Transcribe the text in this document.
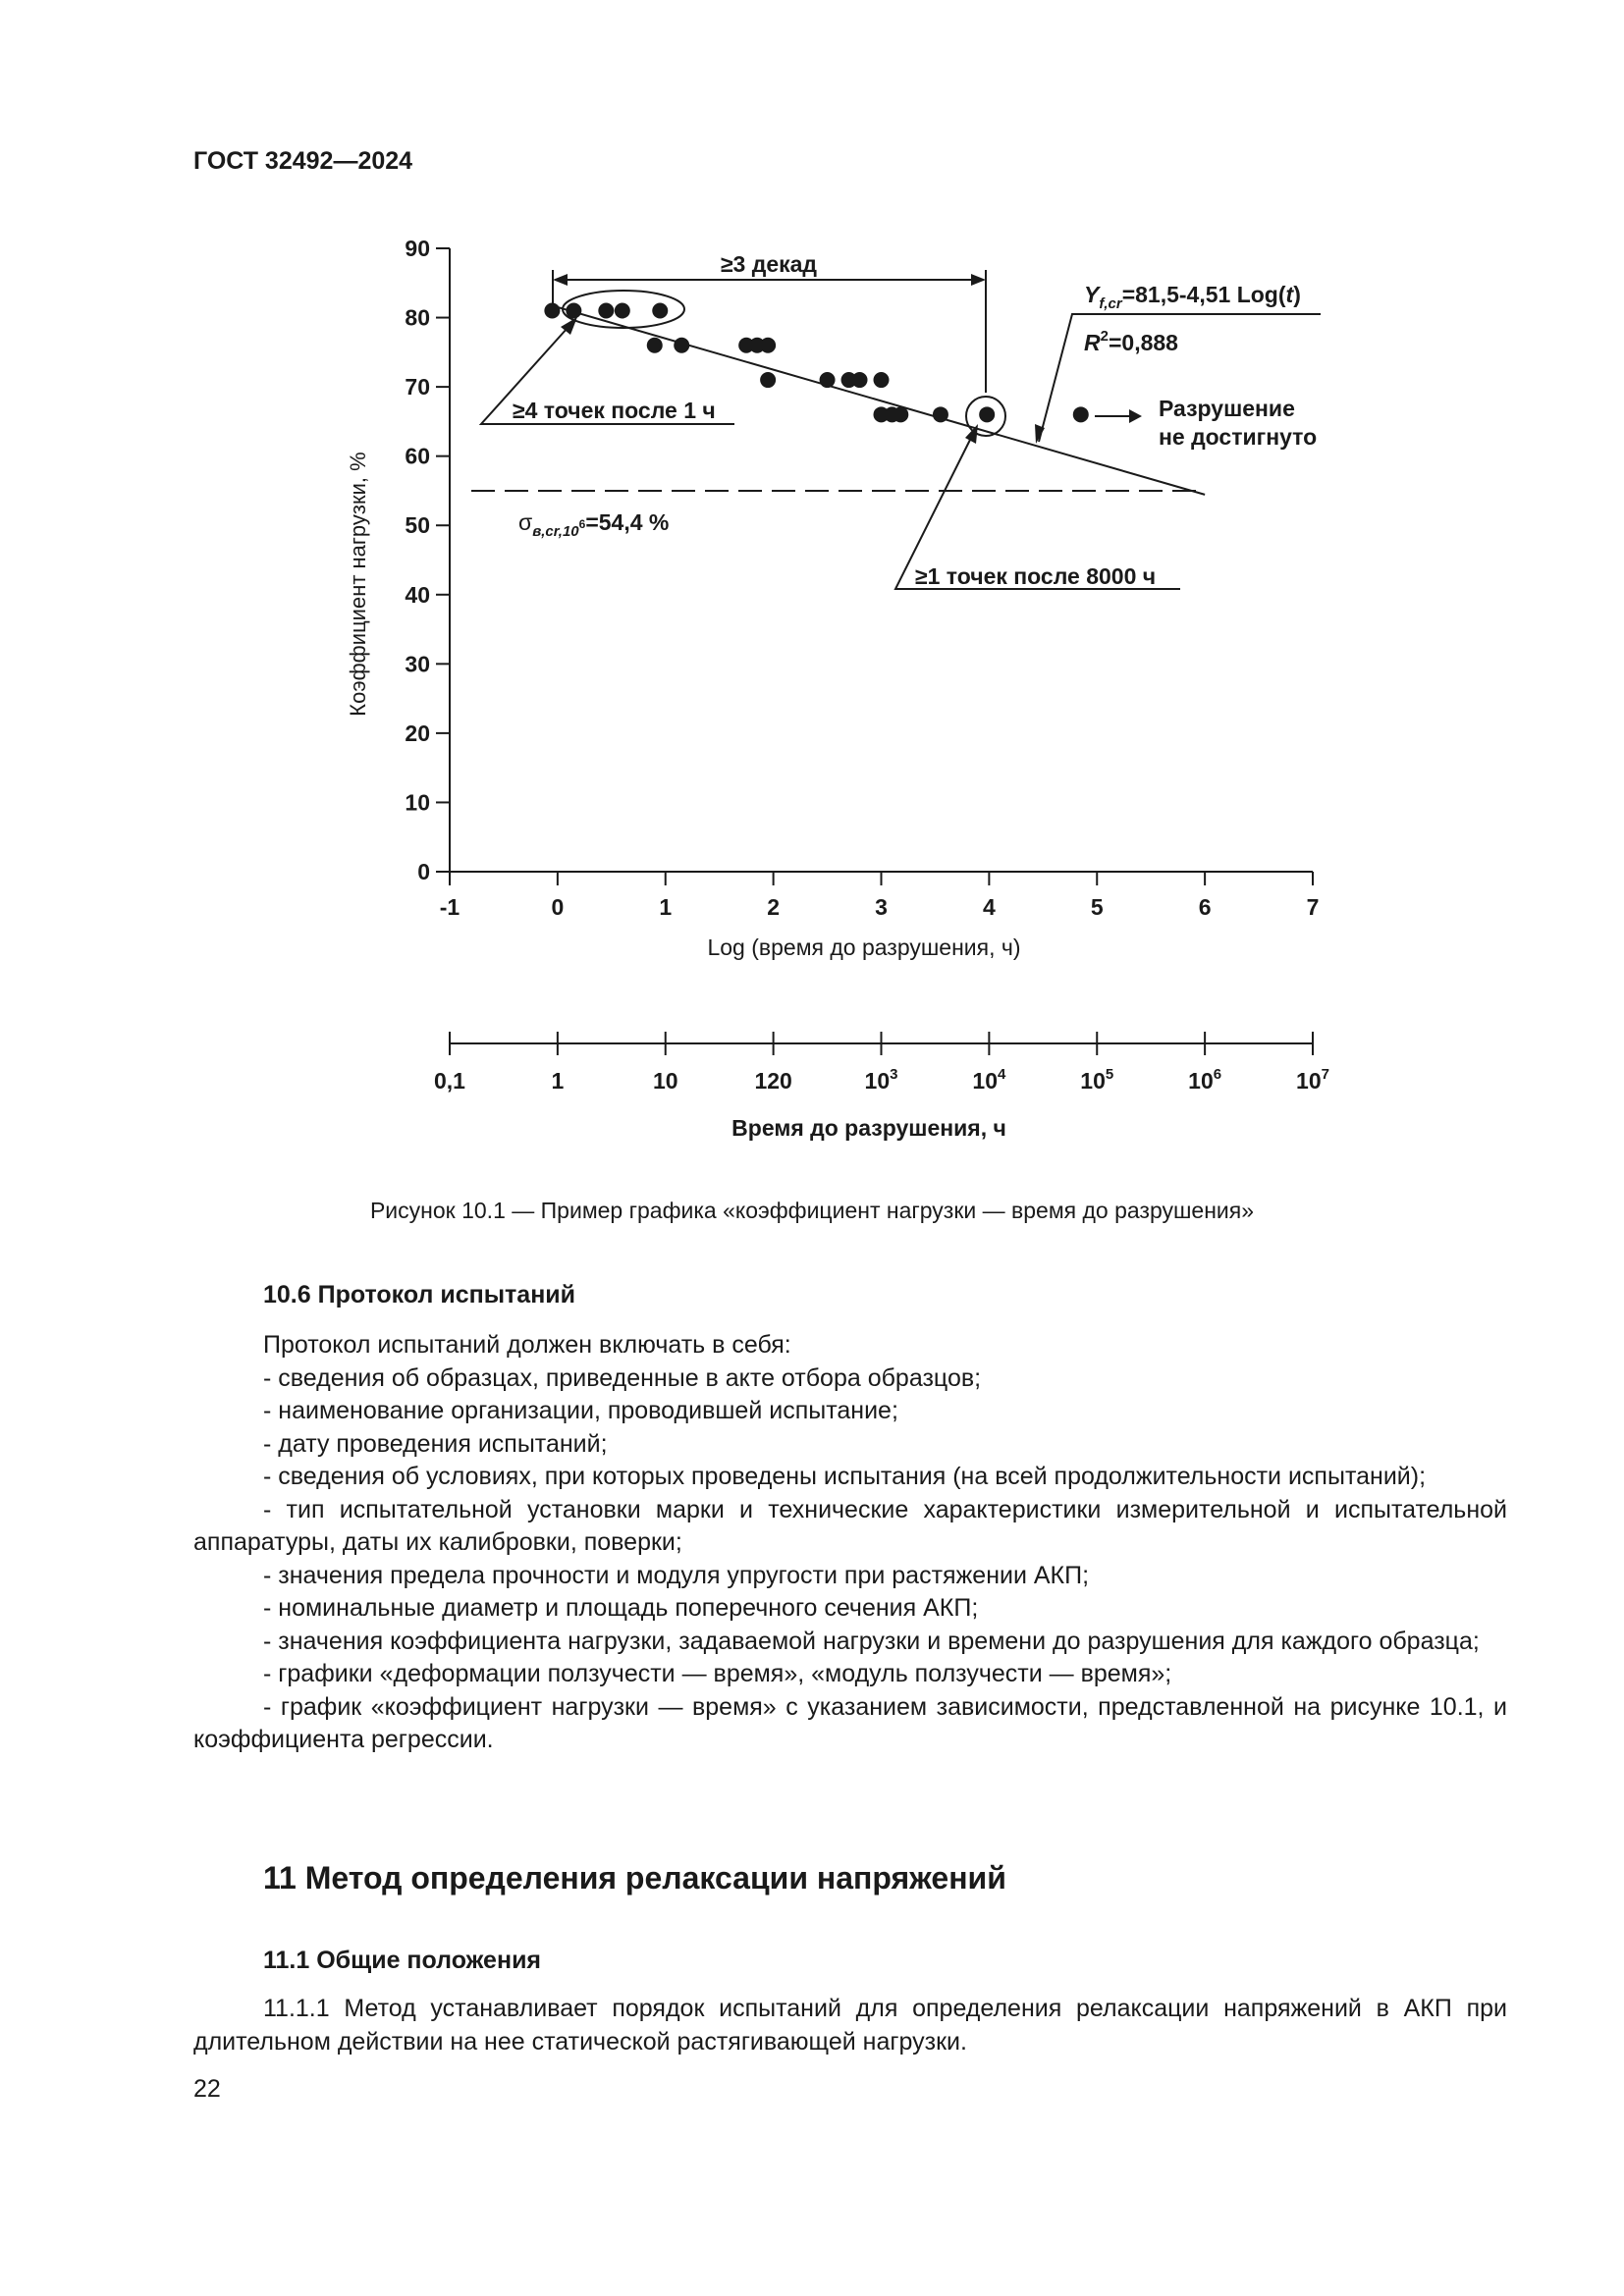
ГОСТ 32492—2024
0
10
20
30
40
50
60
70
80
90
-1	0	1	2	3	4	5	6	7
Коэффициент нагрузки, %
Log (время до разрушения, ч)
$\sigma_{в,cr,10}^6=54,4$ %
Разрушение
не достигнуто
≥3 декад
≥4 точек после 1 ч
≥1 точек после 8000 ч
$Y_{f,cr}=81,5-4,51$ Log(t)
$R^2=0,888$
0,1	1	10	120	$10^3$	$10^4$	$10^5$	$10^6$	$10^7$
Время до разрушения, ч
Рисунок 10.1 — Пример графика «коэффициент нагрузки — время до разрушения»
10.6 Протокол испытаний

Протокол испытаний должен включать в себя:

- сведения об образцах, приведенные в акте отбора образцов;

- наименование организации, проводившей испытание;

- дату проведения испытаний;

- сведения об условиях, при которых проведены испытания (на всей продолжительности испытаний);

- тип испытательной установки марки и технические характеристики измерительной и испытательной аппаратуры, даты их калибровки, поверки;

- значения предела прочности и модуля упругости при растяжении АКП;

- номинальные диаметр и площадь поперечного сечения АКП;

- значения коэффициента нагрузки, задаваемой нагрузки и времени до разрушения для каждого образца;

- графики «деформации ползучести — время», «модуль ползучести — время»;

- график «коэффициент нагрузки — время» с указанием зависимости, представленной на рисунке 10.1, и коэффициента регрессии.

11 Метод определения релаксации напряжений
11.1 Общие положения

11.1.1 Метод устанавливает порядок испытаний для определения релаксации напряжений в АКП при длительном действии на нее статической растягивающей нагрузки.

22
